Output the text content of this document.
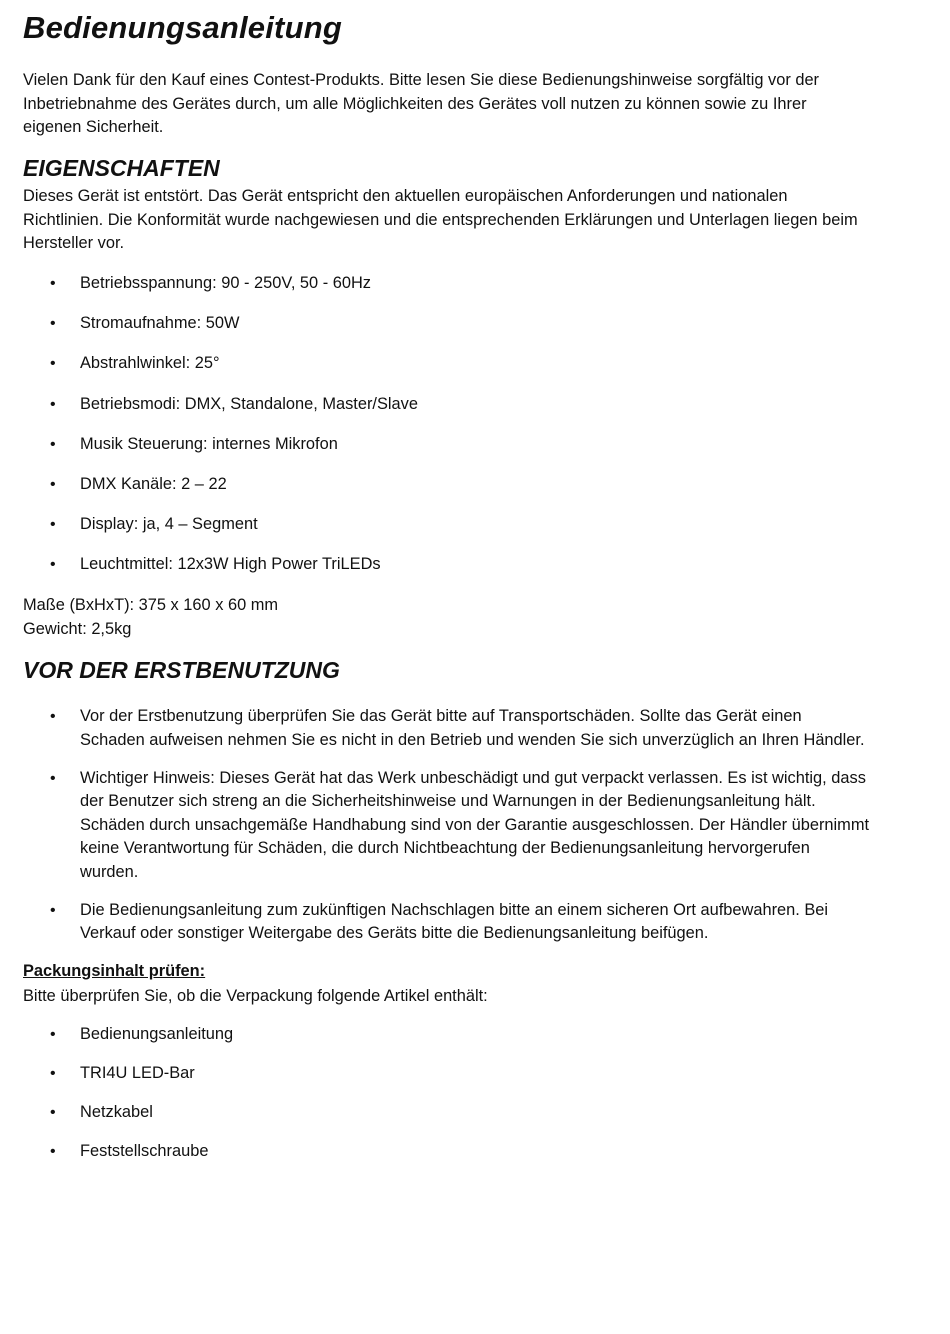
Bedienungsanleitung

Vielen Dank für den Kauf eines Contest-Produkts. Bitte lesen Sie diese Bedienungshinweise sorgfältig vor der
Inbetriebnahme des Gerätes durch, um alle Möglichkeiten des Gerätes voll nutzen zu können sowie zu Ihrer
eigenen Sicherheit.

EIGENSCHAFTEN

Dieses Gerät ist entstört. Das Gerät entspricht den aktuellen europäischen Anforderungen und nationalen
Richtlinien. Die Konformität wurde nachgewiesen und die entsprechenden Erklärungen und Unterlagen liegen beim
Hersteller vor.

• Betriebsspannung: 90 - 250V, 50 - 60Hz
• Stromaufnahme: 50W
• Abstrahlwinkel: 25°
• Betriebsmodi: DMX, Standalone, Master/Slave
• Musik Steuerung: internes Mikrofon
• DMX Kanäle: 2 – 22
• Display: ja, 4 – Segment
• Leuchtmittel: 12x3W High Power TriLEDs

Maße (BxHxT): 375 x 160 x 60 mm
Gewicht: 2,5kg

VOR DER ERSTBENUTZUNG
• Vor der Erstbenutzung überprüfen Sie das Gerät bitte auf Transportschäden. Sollte das Gerät einen
Schaden aufweisen nehmen Sie es nicht in den Betrieb und wenden Sie sich unverzüglich an Ihren Händler.
• Wichtiger Hinweis: Dieses Gerät hat das Werk unbeschädigt und gut verpackt verlassen. Es ist wichtig, dass
der Benutzer sich streng an die Sicherheitshinweise und Warnungen in der Bedienungsanleitung hält.
Schäden durch unsachgemäße Handhabung sind von der Garantie ausgeschlossen. Der Händler übernimmt
keine Verantwortung für Schäden, die durch Nichtbeachtung der Bedienungsanleitung hervorgerufen
wurden.
• Die Bedienungsanleitung zum zukünftigen Nachschlagen bitte an einem sicheren Ort aufbewahren. Bei
Verkauf oder sonstiger Weitergabe des Geräts bitte die Bedienungsanleitung beifügen.
Packungsinhalt prüfen:

Bitte überprüfen Sie, ob die Verpackung folgende Artikel enthält:

• Bedienungsanleitung
• TRI4U LED-Bar
• Netzkabel
• Feststellschraube
